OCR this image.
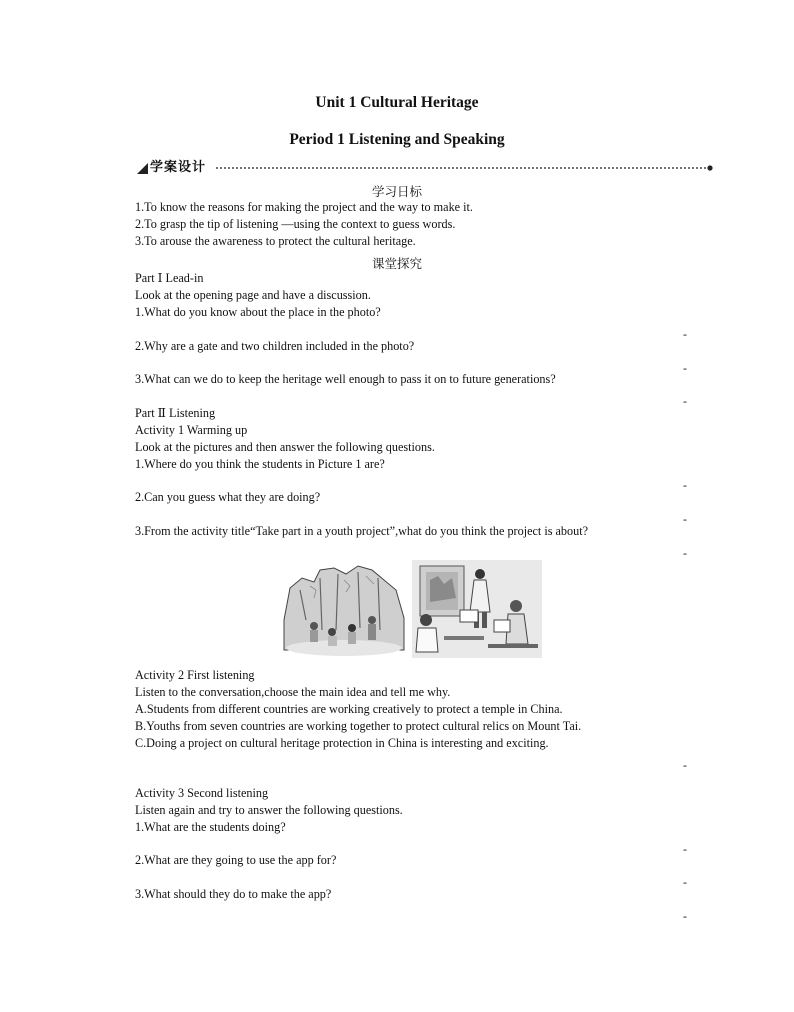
Unit 1 Cultural Heritage
Period 1 Listening and Speaking
学案设计
学习日标
1.To know the reasons for making the project and the way to make it.
2.To grasp the tip of listening —using the context to guess words.
3.To arouse the awareness to protect the cultural heritage.
课堂探究
Part Ⅰ Lead-in
Look at the opening page and have a discussion.
1.What do you know about the place in the photo?
-
2.Why are a gate and two children included in the photo?
-
3.What can we do to keep the heritage well enough to pass it on to future generations?
-
Part Ⅱ Listening
Activity 1 Warming up
Look at the pictures and then answer the following questions.
1.Where do you think the students in Picture 1 are?
-
2.Can you guess what they are doing?
-
3.From the activity title“Take part in a youth project”,what do you think the project is about?
-
Activity 2 First listening
Listen to the conversation,choose the main idea and tell me why.
A.Students from different countries are working creatively to protect a temple in China.
B.Youths from seven countries are working together to protect cultural relics on Mount Tai.
C.Doing a project on cultural heritage protection in China is interesting and exciting.
-
Activity 3 Second listening
Listen again and try to answer the following questions.
1.What are the students doing?
-
2.What are they going to use the app for?
-
3.What should they do to make the app?
-
